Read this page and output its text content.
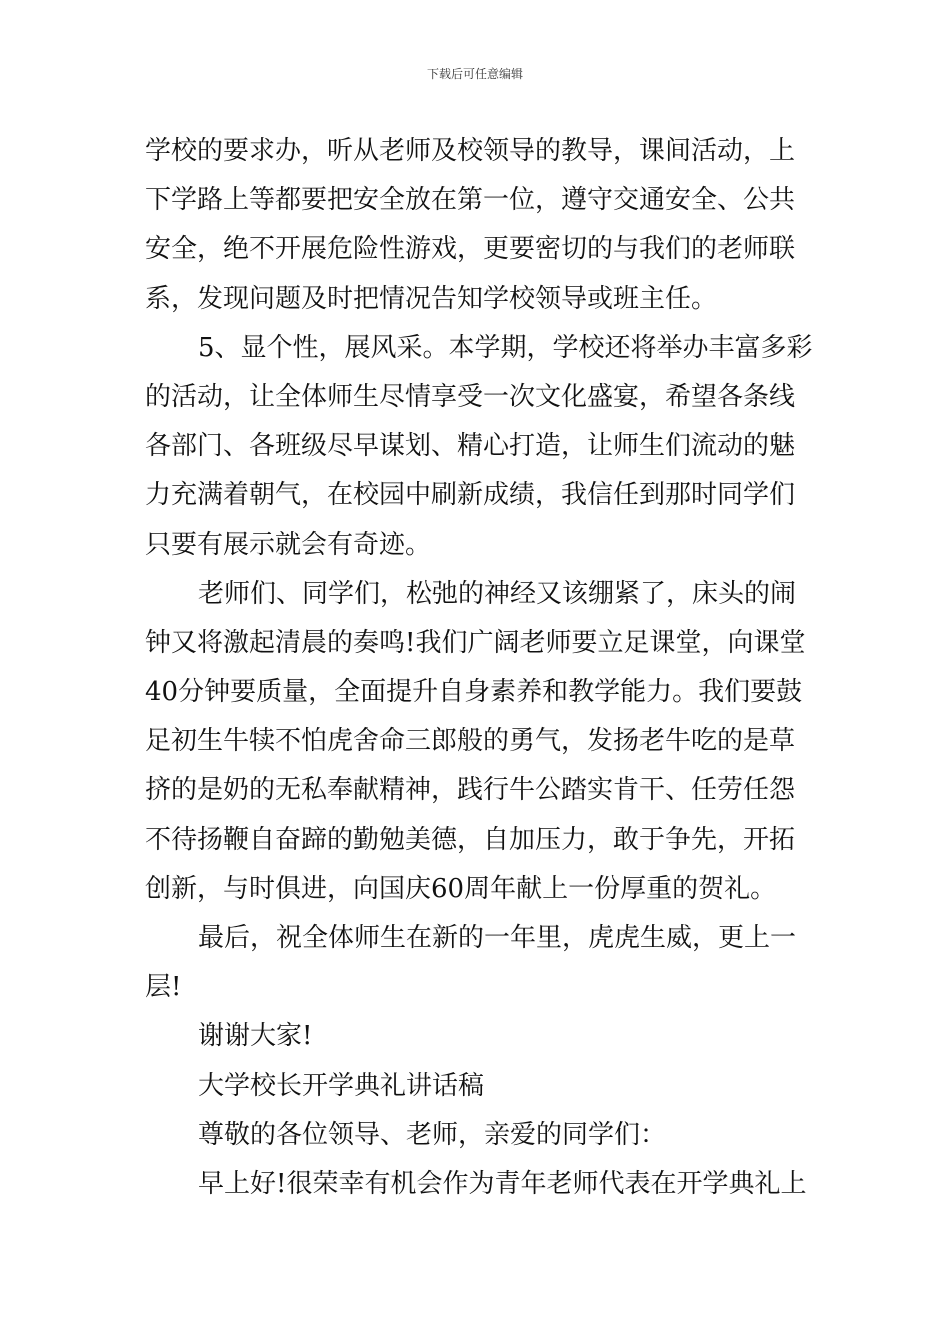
下载后可任意编辑
学校的要求办，听从老师及校领导的教导，课间活动，上
下学路上等都要把安全放在第一位，遵守交通安全、公共
安全，绝不开展危险性游戏，更要密切的与我们的老师联
系，发现问题及时把情况告知学校领导或班主任。
5、显个性，展风采。本学期，学校还将举办丰富多彩
的活动，让全体师生尽情享受一次文化盛宴，希望各条线
各部门、各班级尽早谋划、精心打造，让师生们流动的魅
力充满着朝气，在校园中刷新成绩，我信任到那时同学们
只要有展示就会有奇迹。
老师们、同学们，松弛的神经又该绷紧了，床头的闹
钟又将激起清晨的奏鸣!我们广阔老师要立足课堂，向课堂
40分钟要质量，全面提升自身素养和教学能力。我们要鼓
足初生牛犊不怕虎舍命三郎般的勇气，发扬老牛吃的是草
挤的是奶的无私奉献精神，践行牛公踏实肯干、任劳任怨
不待扬鞭自奋蹄的勤勉美德，自加压力，敢于争先，开拓
创新，与时俱进，向国庆60周年献上一份厚重的贺礼。
最后，祝全体师生在新的一年里，虎虎生威，更上一
层!
谢谢大家!
大学校长开学典礼讲话稿
尊敬的各位领导、老师，亲爱的同学们：
早上好!很荣幸有机会作为青年老师代表在开学典礼上
